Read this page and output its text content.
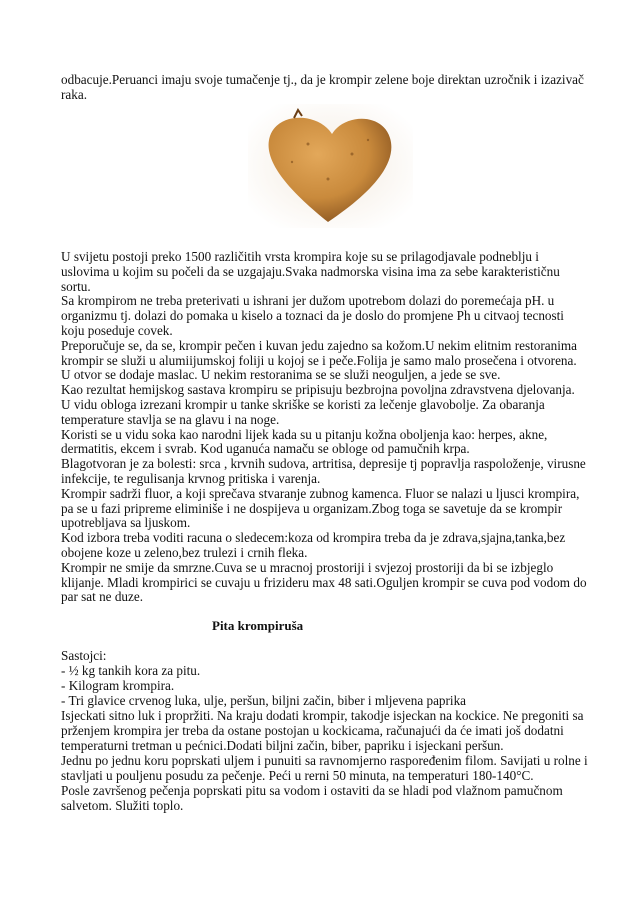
odbacuje.Peruanci imaju svoje tumačenje tj., da je krompir zelene boje direktan uzročnik i izazivač
raka.
U svijetu postoji preko 1500 različitih vrsta krompira koje su se prilagodjavale podneblju i
uslovima u kojim su počeli da se uzgajaju.Svaka nadmorska visina ima za sebe karakterističnu
sortu.
Sa krompirom ne treba preterivati u ishrani jer dužom upotrebom dolazi do poremećaja pH. u
organizmu tj. dolazi do pomaka u kiselo a toznaci da je doslo do promjene Ph u citvaoj tecnosti
koju poseduje covek.
Preporučuje se, da se, krompir pečen i kuvan jedu zajedno sa kožom.U nekim elitnim restoranima
krompir se služi u alumiijumskoj foliji u kojoj se i peče.Folija je samo malo prosečena i otvorena.
U otvor se dodaje maslac. U nekim restoranima se se služi neoguljen, a jede se sve.
Kao rezultat hemijskog sastava krompiru se pripisuju bezbrojna povoljna zdravstvena djelovanja.
U vidu obloga izrezani krompir u tanke skriške se koristi za lečenje glavobolje. Za obaranja
temperature stavlja se na glavu i na noge.
Koristi se u vidu soka kao narodni lijek kada su u pitanju kožna oboljenja kao: herpes, akne,
dermatitis, ekcem i svrab. Kod uganuća namaču se obloge od pamučnih krpa.
Blagotvoran je za bolesti: srca , krvnih sudova, artritisa, depresije tj popravlja raspoloženje, virusne
infekcije, te regulisanja krvnog pritiska i varenja.
Krompir sadrži fluor, a koji sprečava stvaranje zubnog kamenca. Fluor se nalazi u ljusci krompira,
pa se u fazi pripreme eliminiše i ne dospijeva u organizam.Zbog toga se savetuje da se krompir
upotrebljava sa ljuskom.
Kod izbora treba voditi racuna o sledecem:koza od krompira treba da je zdrava,sjajna,tanka,bez
obojene koze u zeleno,bez trulezi i crnih fleka.
Krompir ne smije da smrzne.Cuva se u mracnoj prostoriji i svjezoj prostoriji da bi se izbjeglo
klijanje. Mladi krompirici se cuvaju u frizideru max 48 sati.Oguljen krompir se cuva pod vodom do
par sat ne duze.
Pita krompiruša
Sastojci:
- ½ kg tankih kora za pitu.
- Kilogram krompira.
- Tri glavice crvenog luka, ulje, peršun, biljni začin, biber i mljevena paprika
Isjeckati sitno luk i propržiti. Na kraju dodati krompir, takodje isjeckan na kockice. Ne pregoniti sa
prženjem krompira jer treba da ostane postojan u kockicama, računajući da će imati još dodatni
temperaturni tretman u pećnici.Dodati biljni začin, biber, papriku i isjeckani peršun.
Jednu po jednu koru poprskati uljem i punuiti sa ravnomjerno raspoređenim filom. Savijati u rolne i
stavljati u pouljenu posudu za pečenje. Peći u rerni 50 minuta, na temperaturi 180-140°C.
Posle završenog pečenja poprskati pitu sa vodom i ostaviti da se hladi pod vlažnom pamučnom
salvetom. Služiti toplo.
